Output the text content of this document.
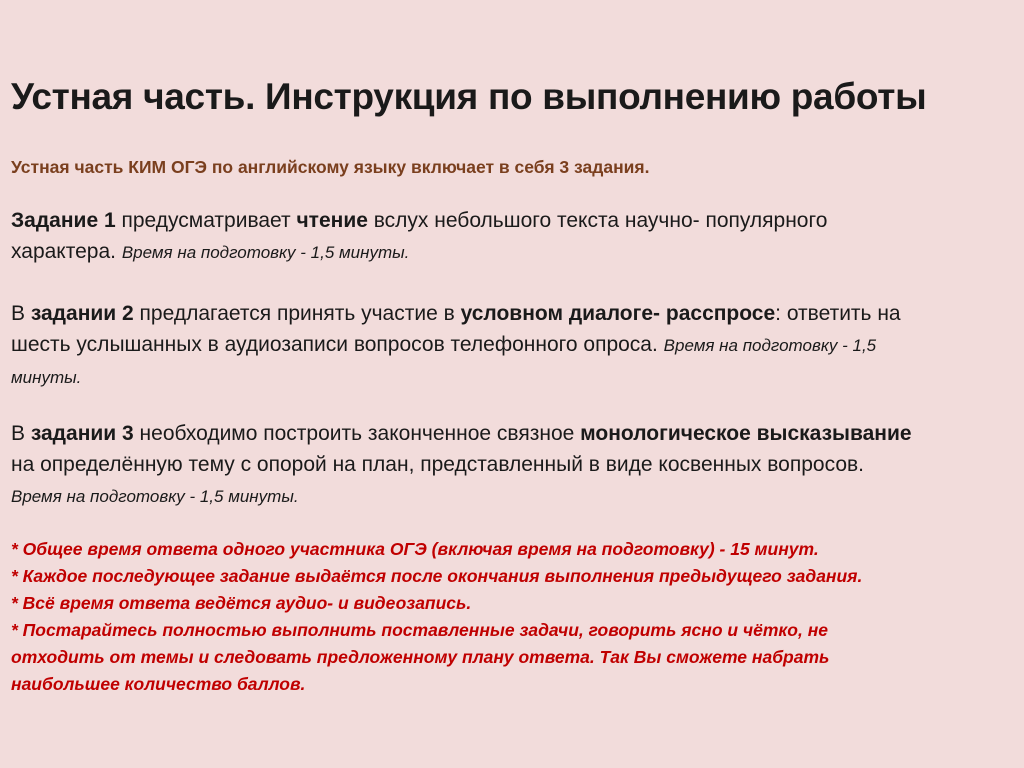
Устная часть. Инструкция по выполнению работы
Устная часть КИМ ОГЭ по английскому языку включает в себя 3 задания.
Задание 1 предусматривает чтение вслух небольшого текста научно- популярного
характера. Время на подготовку - 1,5 минуты.
В задании 2 предлагается принять участие в условном диалоге- расспросе: ответить на
шесть услышанных в аудиозаписи вопросов телефонного опроса. Время на подготовку - 1,5
минуты.
В задании 3 необходимо построить законченное связное монологическое высказывание
на определённую тему с опорой на план, представленный в виде косвенных вопросов.
Время на подготовку - 1,5 минуты.
* Общее время ответа одного участника ОГЭ (включая время на подготовку) - 15 минут.
* Каждое последующее задание выдаётся после окончания выполнения предыдущего задания.
* Всё время ответа ведётся аудио- и видеозапись.
* Постарайтесь полностью выполнить поставленные задачи, говорить ясно и чётко, не
отходить от темы и следовать предложенному плану ответа. Так Вы сможете набрать
наибольшее количество баллов.
